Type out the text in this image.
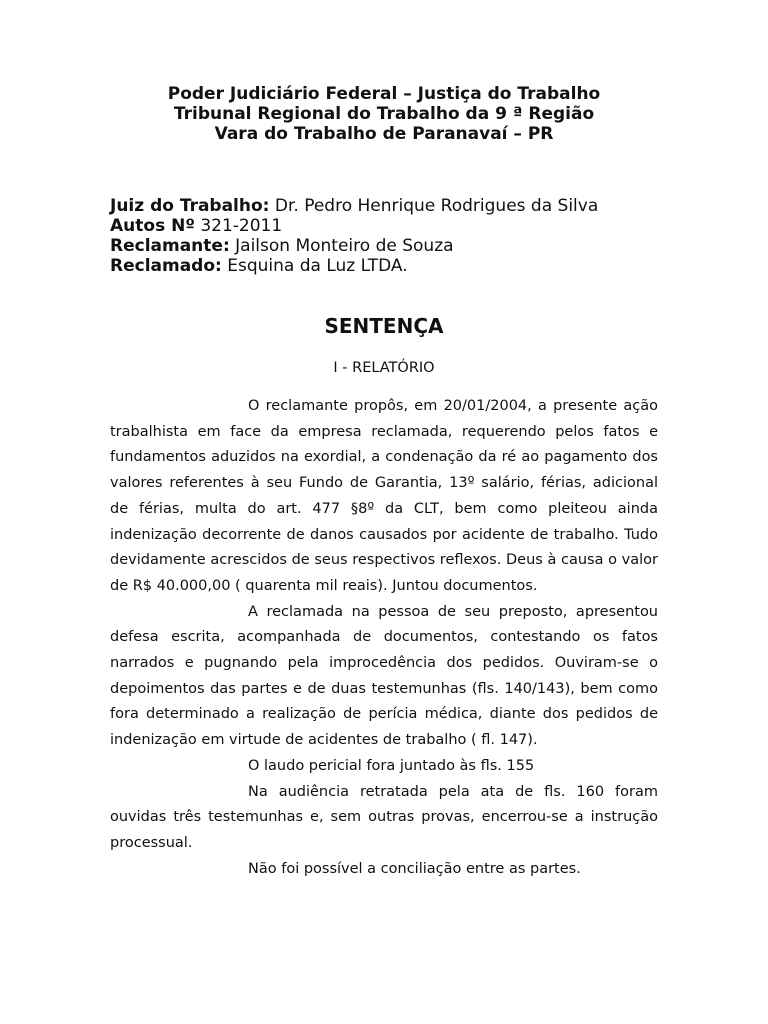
Poder Judiciário Federal – Justiça do Trabalho
Tribunal Regional do Trabalho da 9 ª Região
Vara do Trabalho de Paranavaí – PR
Juiz do Trabalho: Dr. Pedro Henrique Rodrigues da Silva
Autos Nº 321-2011
Reclamante: Jailson Monteiro de Souza
Reclamado: Esquina da Luz LTDA.
SENTENÇA
I - RELATÓRIO

O reclamante propôs, em 20/01/2004, a presente ação trabalhista em face da empresa reclamada, requerendo pelos fatos e fundamentos aduzidos na exordial, a condenação da ré ao pagamento dos valores referentes à seu Fundo de Garantia, 13º salário, férias, adicional de férias, multa do art. 477 §8º da CLT, bem como pleiteou ainda indenização decorrente de danos causados por acidente de trabalho. Tudo devidamente acrescidos de seus respectivos reflexos. Deus à causa o valor de R$ 40.000,00 ( quarenta mil reais). Juntou documentos.

A reclamada na pessoa de seu preposto, apresentou defesa escrita, acompanhada de documentos, contestando os fatos narrados e pugnando pela improcedência dos pedidos. Ouviram-se o depoimentos das partes e de duas testemunhas (fls. 140/143), bem como fora determinado a realização de perícia médica, diante dos pedidos de indenização em virtude de acidentes de trabalho ( fl. 147).

O laudo pericial fora juntado às fls. 155

Na audiência retratada pela ata de fls. 160 foram ouvidas três testemunhas e, sem outras provas, encerrou-se a instrução processual.

Não foi possível a conciliação entre as partes.
